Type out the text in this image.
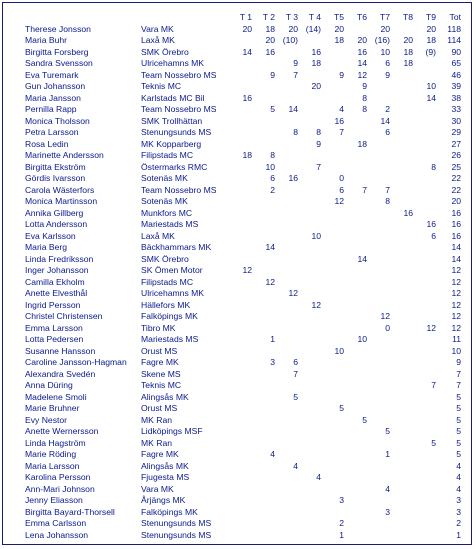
		T 1	T 2	T 3	T 4	T5	T6	T7	T8	T9	Tot
Therese Jonsson	Vara MK	20	18	20	(14)	20		20		20	118
Maria Buhr	Laxå MK		20	(10)		18	20	(16)	20	18	114
Birgitta Forsberg	SMK Örebro	14	16		16		16	10	18	(9)	90
Sandra Svensson	Ulricehamns MK			9	18		14	6	18		65
Eva Turemark	Team Nossebro MS		9	7		9	12	9			46
Gun Johansson	Teknis MC				20		9			10	39
Maria Jansson	Karlstads MC Bil	16					8			14	38
Pernilla Rapp	Team Nossebro MS		5	14		4	8	2			33
Monica Tholsson	SMK Trollhättan					16		14			30
Petra Larsson	Stenungsunds MS			8	8	7		6			29
Rosa Ledin	MK Kopparberg				9		18				27
Marinette Andersson	Filipstads MC	18	8								26
Birgitta Ekström	Östermarks RMC		10		7					8	25
Gördis Ivarsson	Sotenäs MK		6	16		0					22
Carola Wästerfors	Team Nossebro MS		2			6	7	7			22
Monica Martinsson	Sotenäs MK					12		8			20
Annika Gillberg	Munkfors MC								16		16
Lotta Andersson	Mariestads MS									16	16
Eva Karlsson	Laxå MK				10					6	16
Maria Berg	Bäckhammars MK		14								14
Linda Fredriksson	SMK Örebro						14				14
Inger Johansson	SK Ömen Motor	12									12
Camilla Ekholm	Filipstads MC		12								12
Anette Elvesthål	Ulricehamns MK			12							12
Ingrid Persson	Hällefors MK				12						12
Christel Christensen	Falköpings MK							12			12
Emma Larsson	Tibro MK							0		12	12
Lotta Pedersen	Mariestads MS		1				10				11
Susanne Hansson	Orust MS					10					10
Caroline Jansson-Hagman	Fagre MK		3	6							9
Alexandra Svedén	Skene MS			7							7
Anna Düring	Teknis MC									7	7
Madelene Smoli	Alingsås MK			5							5
Marie Bruhner	Orust MS					5					5
Evy Nestor	MK Ran						5				5
Anette Wernersson	Lidköpings MSF							5			5
Linda Hagström	MK Ran									5	5
Marie Röding	Fagre MK		4					1			5
Maria Larsson	Alingsås MK			4							4
Karolina Persson	Fjugesta MS				4						4
Ann-Mari Johnson	Vara MK							4			4
Jenny Eliasson	Årjängs MK					3					3
Birgitta Bayard-Thorsell	Falköpings MK							3			3
Emma Carlsson	Stenungsunds MS					2					2
Lena Johansson	Stenungsunds MS					1					1
